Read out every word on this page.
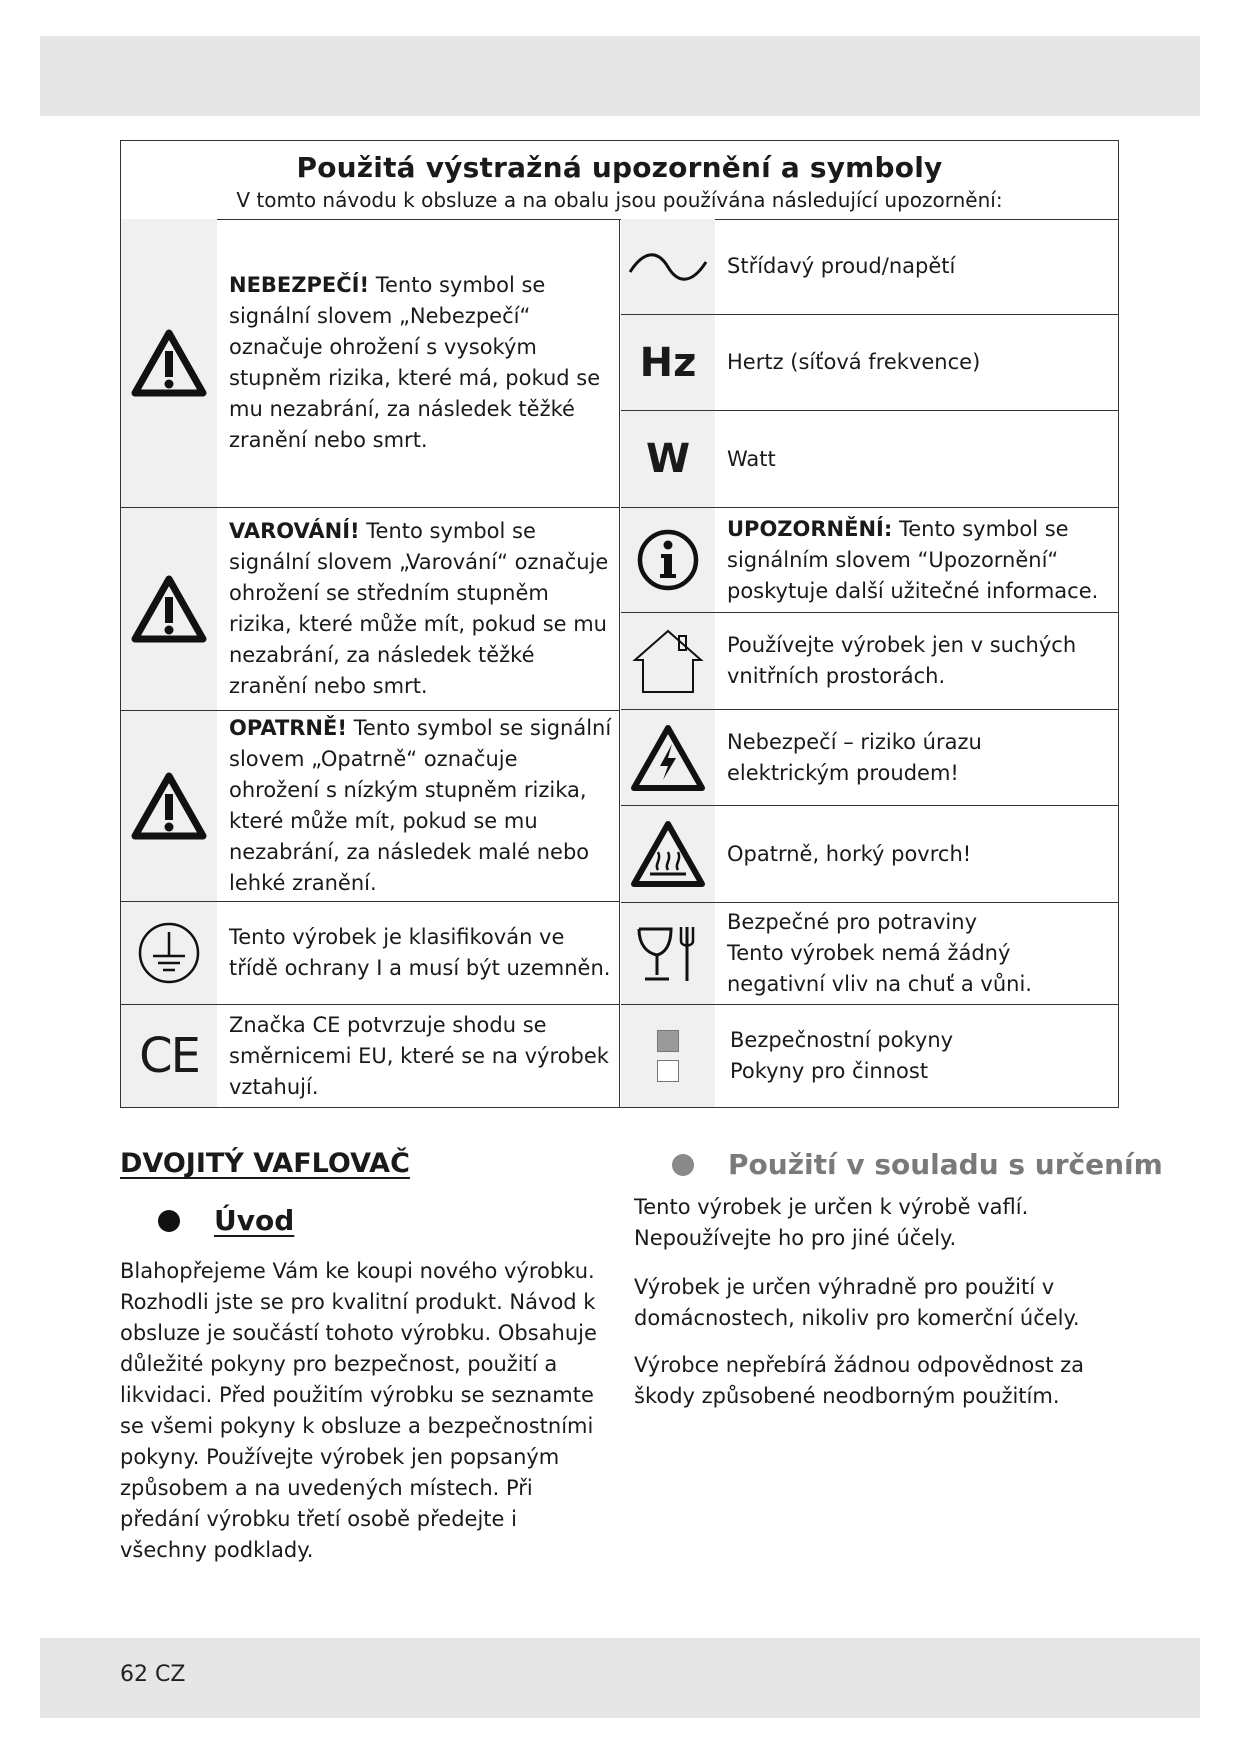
Použitá výstražná upozornění a symboly
V tomto návodu k obsluze a na obalu jsou používána následující upozornění:
NEBEZPEČÍ! Tento symbol se signální slovem „Nebezpečí“ označuje ohrožení s vysokým stupněm rizika, které má, pokud se mu nezabrání, za následek těžké zranění nebo smrt.
VAROVÁNÍ! Tento symbol se signální slovem „Varování“ označuje ohrožení se středním stupněm rizika, které může mít, pokud se mu nezabrání, za následek těžké zranění nebo smrt.
OPATRNĚ! Tento symbol se signální slovem „Opatrně“ označuje ohrožení s nízkým stupněm rizika, které může mít, pokud se mu nezabrání, za následek malé nebo lehké zranění.
Tento výrobek je klasifikován ve třídě ochrany I a musí být uzemněn.
CE
Značka CE potvrzuje shodu se směrnicemi EU, které se na výrobek vztahují.
Střídavý proud/napětí
Hz Hertz (síťová frekvence)
W Watt
UPOZORNĚNÍ: Tento symbol se signálním slovem “Upozornění“ poskytuje další užitečné informace.
Používejte výrobek jen v suchých vnitřních prostorách.
Nebezpečí – riziko úrazu elektrickým proudem!
Opatrně, horký povrch!
Bezpečné pro potraviny
Tento výrobek nemá žádný negativní vliv na chuť a vůni.
Bezpečnostní pokyny
Pokyny pro činnost
DVOJITÝ VAFLOVAČ
Úvod
Blahopřejeme Vám ke koupi nového výrobku. Rozhodli jste se pro kvalitní produkt. Návod k obsluze je součástí tohoto výrobku. Obsahuje důležité pokyny pro bezpečnost, použití a likvidaci. Před použitím výrobku se seznamte se všemi pokyny k obsluze a bezpečnostními pokyny. Používejte výrobek jen popsaným způsobem a na uvedených místech. Při předání výrobku třetí osobě předejte i všechny podklady.
Použití v souladu s určením
Tento výrobek je určen k výrobě vaflí. Nepoužívejte ho pro jiné účely.
Výrobek je určen výhradně pro použití v domácnostech, nikoliv pro komerční účely.
Výrobce nepřebírá žádnou odpovědnost za škody způsobené neodborným použitím.
62 CZ
